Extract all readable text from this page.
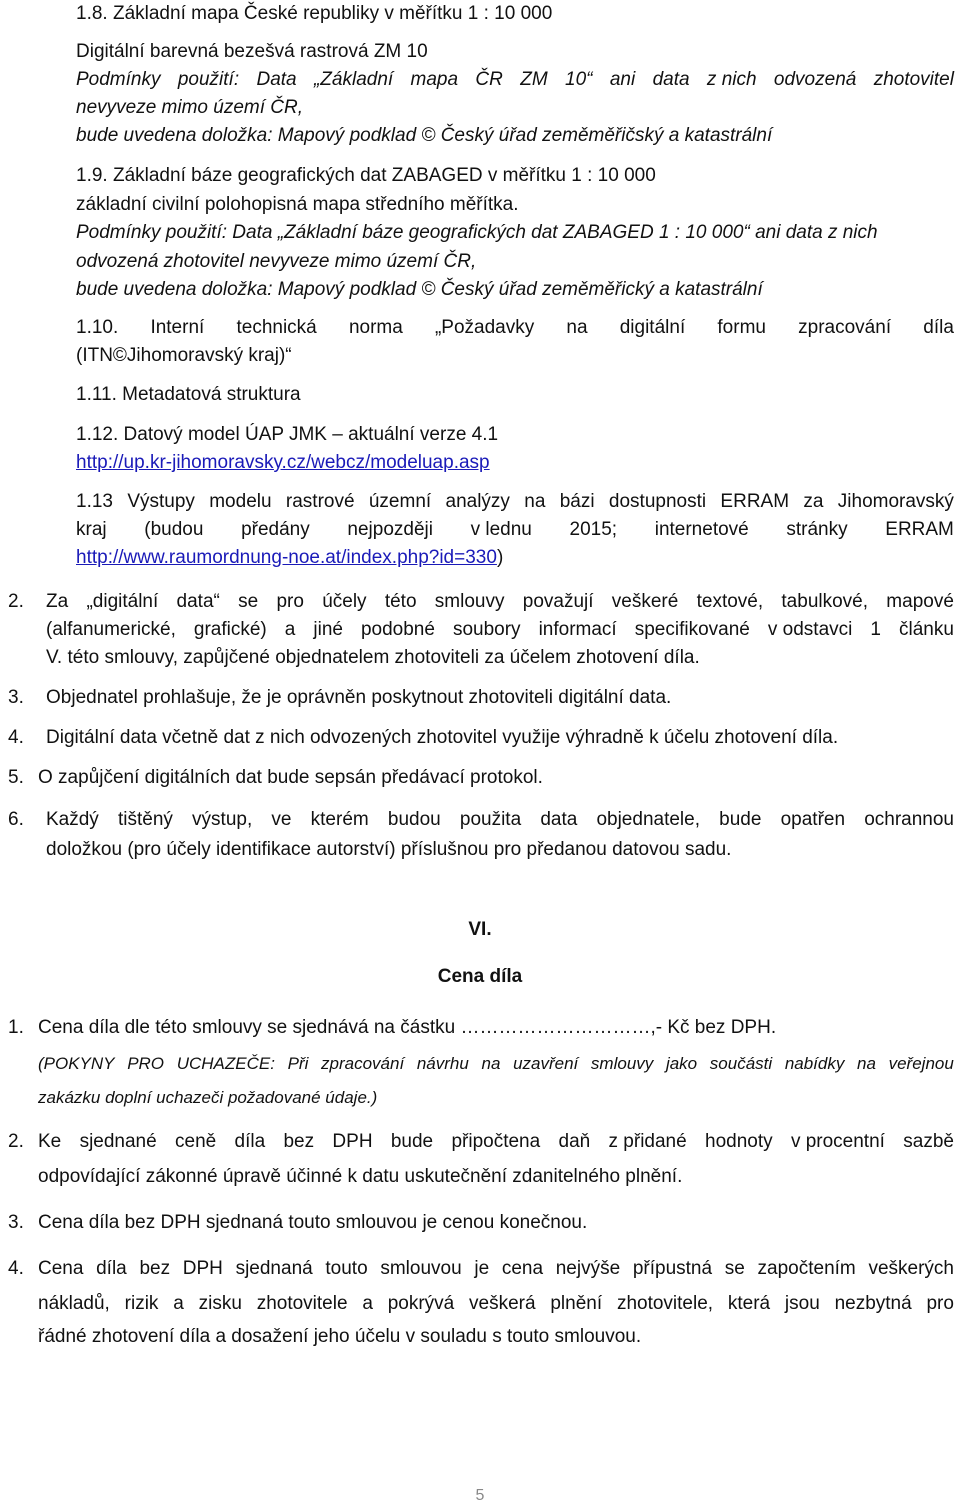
1.8. Základní mapa České republiky v měřítku 1 : 10 000
Digitální barevná bezešvá rastrová ZM 10
Podmínky použití: Data „Základní mapa ČR ZM 10“ ani data z nich odvozená zhotovitel
nevyveze mimo území ČR,
bude uvedena doložka: Mapový podklad © Český úřad zeměměřičský a katastrální
1.9. Základní báze geografických dat ZABAGED v měřítku 1 : 10 000
základní civilní polohopisná mapa středního měřítka.
Podmínky použití: Data „Základní báze geografických dat ZABAGED 1 : 10 000“ ani data z nich
odvozená zhotovitel nevyveze mimo území ČR,
bude uvedena doložka: Mapový podklad © Český úřad zeměměřický a katastrální
1.10. Interní technická norma „Požadavky na digitální formu zpracování díla
(ITN©Jihomoravský kraj)“
1.11. Metadatová struktura
1.12. Datový model ÚAP JMK – aktuální verze 4.1
http://up.kr-jihomoravsky.cz/webcz/modeluap.asp
1.13 Výstupy modelu rastrové územní analýzy na bázi dostupnosti ERRAM za Jihomoravský
kraj (budou předány nejpozději v lednu 2015; internetové stránky ERRAM
http://www.raumordnung-noe.at/index.php?id=330)
2. Za „digitální data“ se pro účely této smlouvy považují veškeré textové, tabulkové, mapové
(alfanumerické, grafické) a jiné podobné soubory informací specifikované v odstavci 1 článku
V. této smlouvy, zapůjčené objednatelem zhotoviteli za účelem zhotovení díla.
3. Objednatel prohlašuje, že je oprávněn poskytnout zhotoviteli digitální data.
4. Digitální data včetně dat z nich odvozených zhotovitel využije výhradně k účelu zhotovení díla.
5. O zapůjčení digitálních dat bude sepsán předávací protokol.
6. Každý tištěný výstup, ve kterém budou použita data objednatele, bude opatřen ochrannou
doložkou (pro účely identifikace autorství) příslušnou pro předanou datovou sadu.
VI.
Cena díla
1. Cena díla dle této smlouvy se sjednává na částku …………………………,- Kč bez DPH.
(POKYNY PRO UCHAZEČE: Při zpracování návrhu na uzavření smlouvy jako součásti nabídky na veřejnou
zakázku doplní uchazeči požadované údaje.)
2. Ke sjednané ceně díla bez DPH bude připočtena daň z přidané hodnoty v procentní sazbě
odpovídající zákonné úpravě účinné k datu uskutečnění zdanitelného plnění.
3. Cena díla bez DPH sjednaná touto smlouvou je cenou konečnou.
4. Cena díla bez DPH sjednaná touto smlouvou je cena nejvýše přípustná se započtením veškerých
nákladů, rizik a zisku zhotovitele a pokrývá veškerá plnění zhotovitele, která jsou nezbytná pro
řádné zhotovení díla a dosažení jeho účelu v souladu s touto smlouvou.
5
